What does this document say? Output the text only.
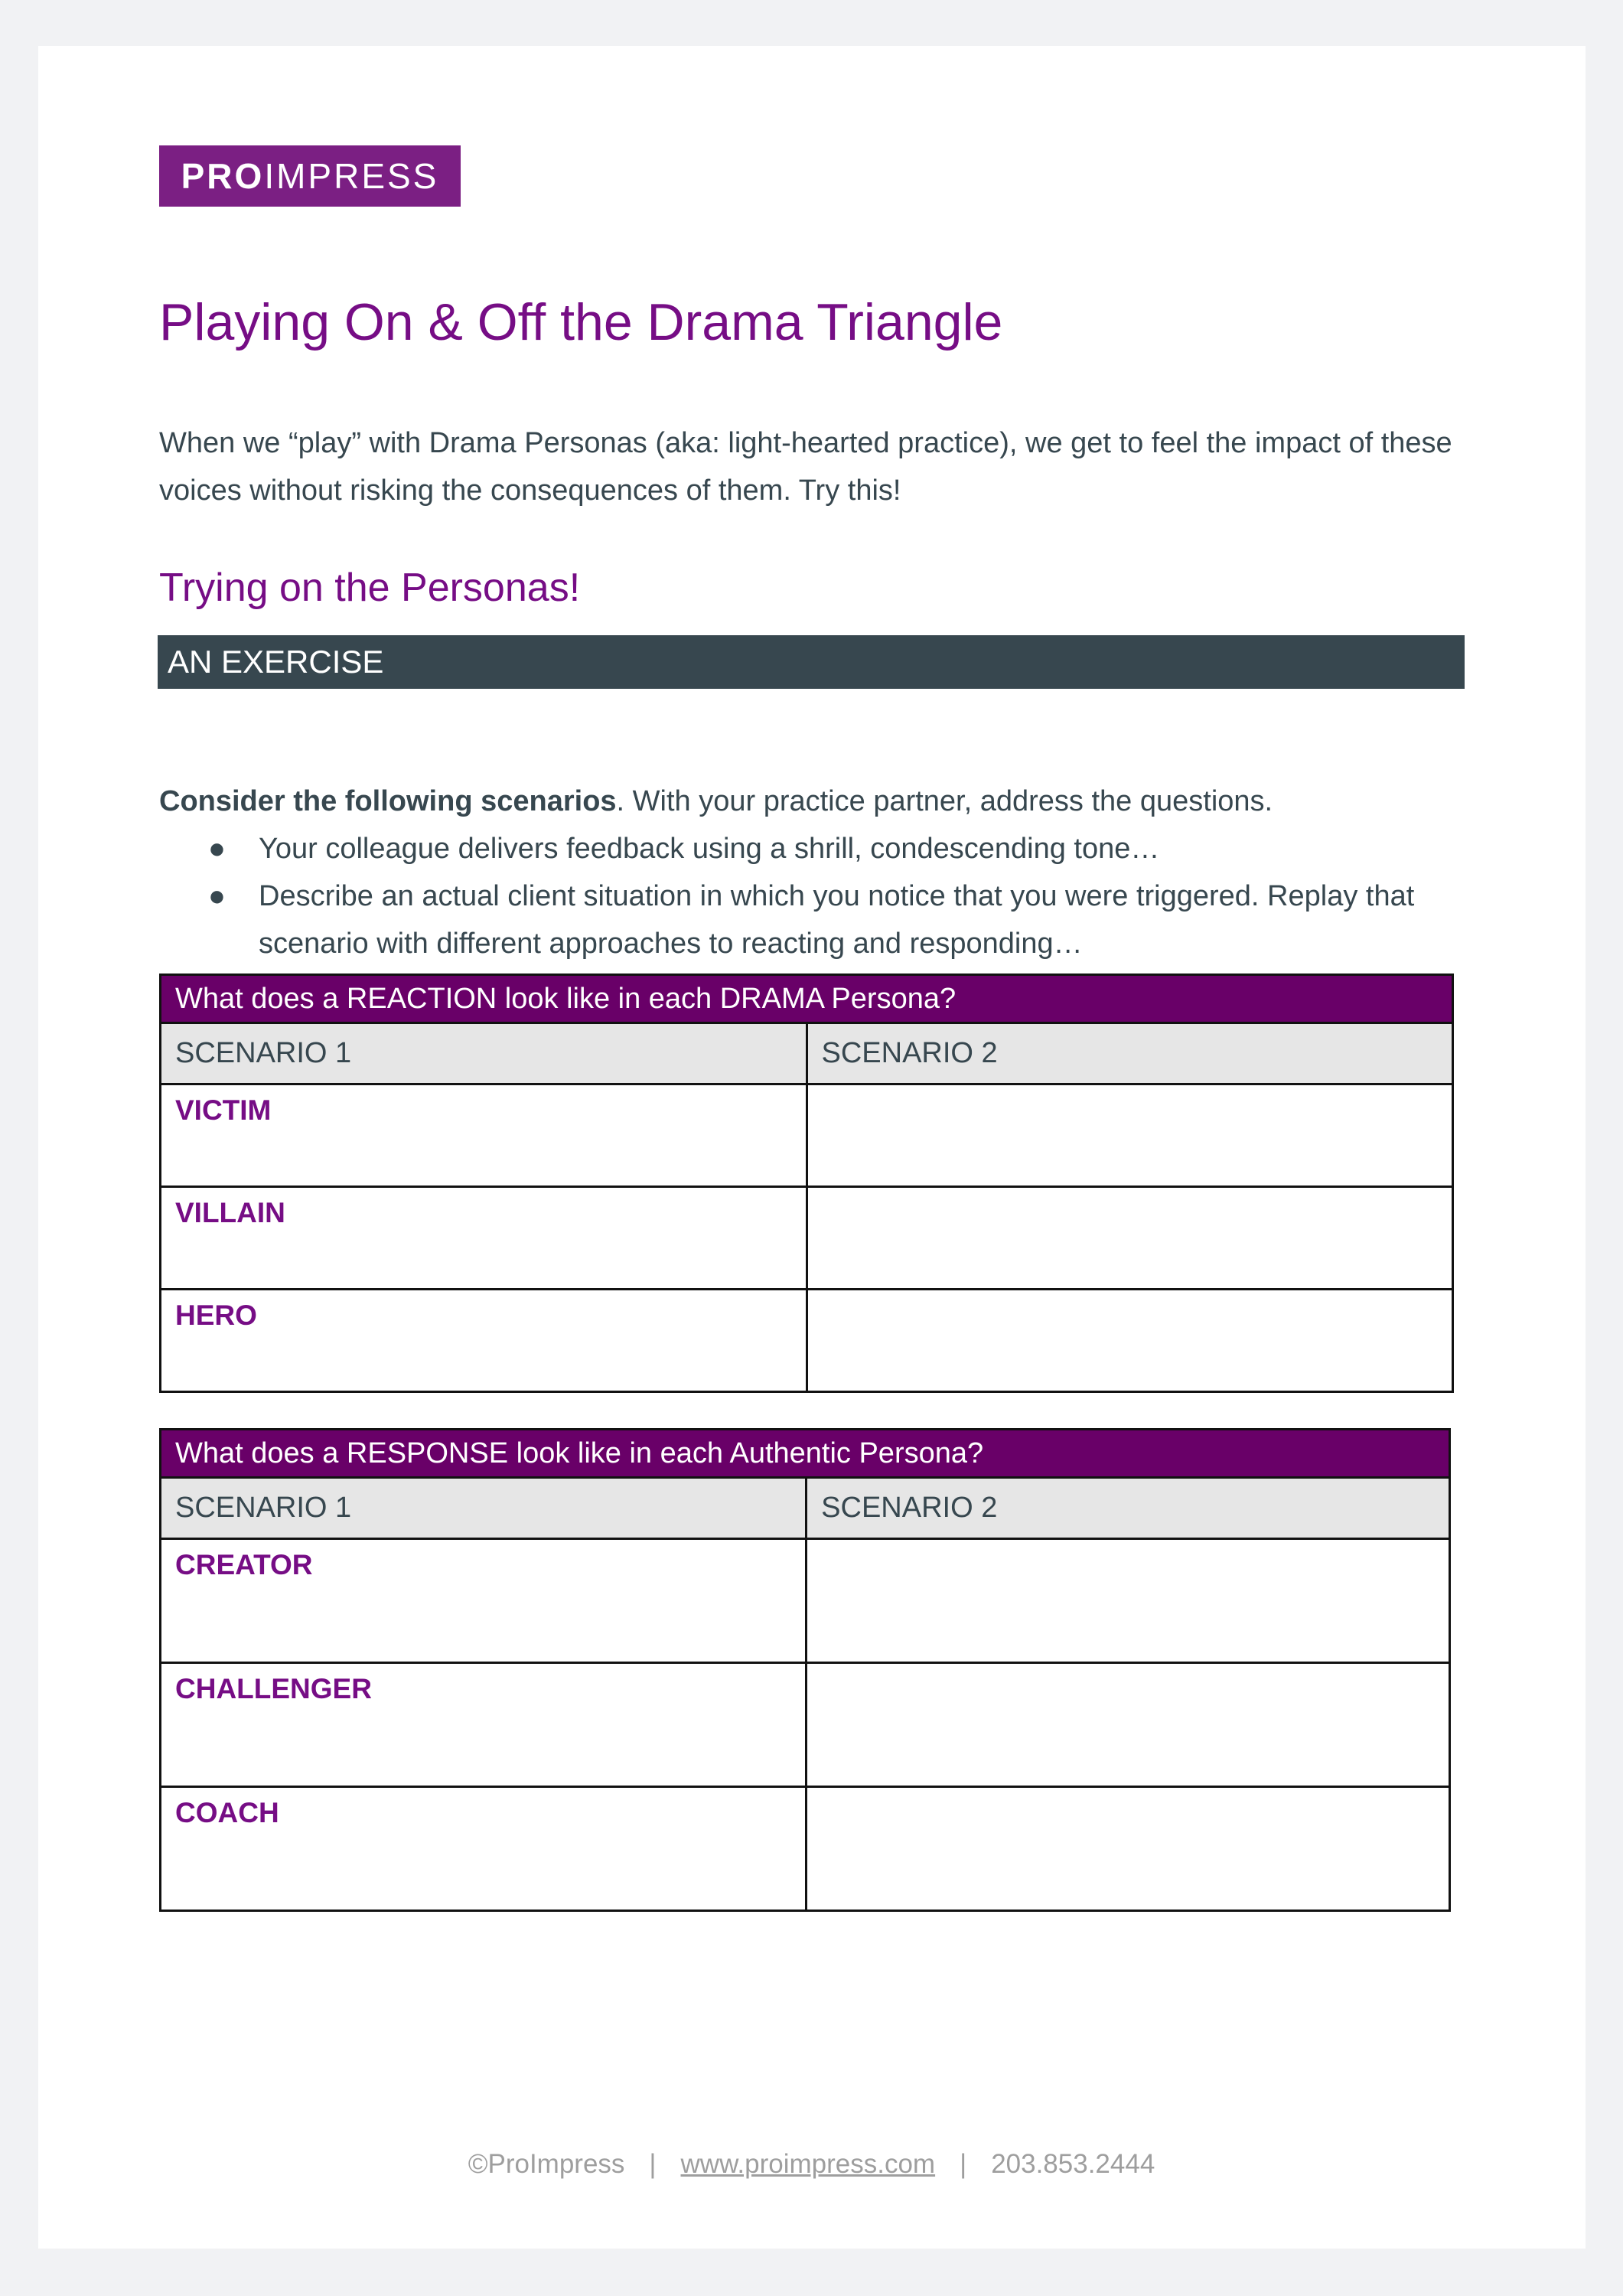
PRO IMPRESS
Playing On & Off the Drama Triangle

When we “play” with Drama Personas (aka: light-hearted practice), we get to feel the impact of these voices without risking the consequences of them. Try this!

Trying on the Personas!
AN EXERCISE

Consider the following scenarios. With your practice partner, address the questions.

● Your colleague delivers feedback using a shrill, condescending tone…
● Describe an actual client situation in which you notice that you were triggered. Replay that scenario with different approaches to reacting and responding…
What does a REACTION look like in each DRAMA Persona?	
SCENARIO 1	SCENARIO 2
VICTIM	
VILLAIN	
HERO	
What does a RESPONSE look like in each Authentic Persona?	
SCENARIO 1	SCENARIO 2
CREATOR	
CHALLENGER	
COACH	
©ProImpress | www.proimpress.com | 203.853.2444
